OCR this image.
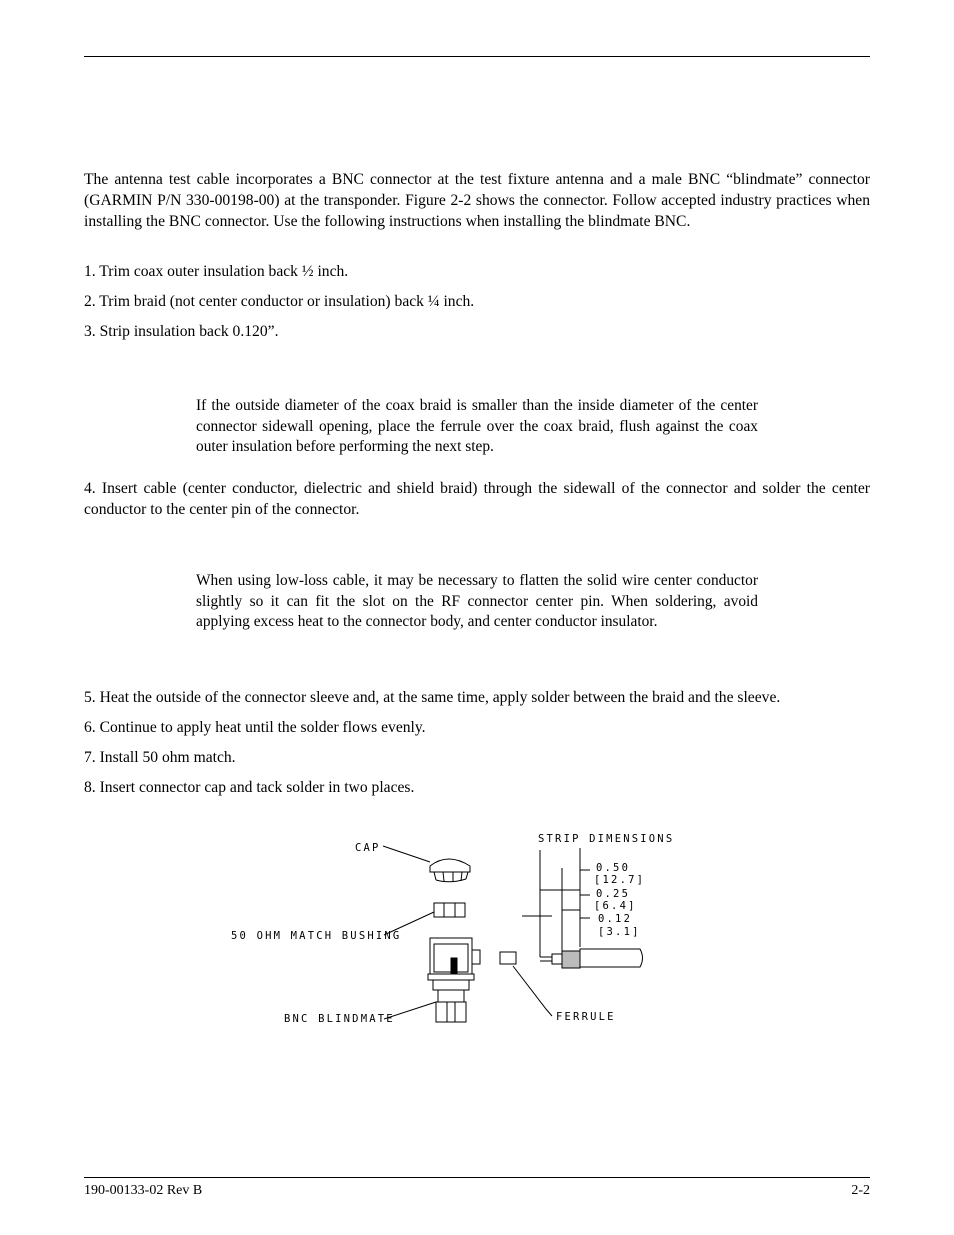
The antenna test cable incorporates a BNC connector at the test fixture antenna and a male BNC “blindmate” connector (GARMIN P/N 330-00198-00) at the transponder. Figure 2-2 shows the connector. Follow accepted industry practices when installing the BNC connector. Use the following instructions when installing the blindmate BNC.
1. Trim coax outer insulation back ½ inch.
2. Trim braid (not center conductor or insulation) back ¼ inch.
3. Strip insulation back 0.120”.
If the outside diameter of the coax braid is smaller than the inside diameter of the center connector sidewall opening, place the ferrule over the coax braid, flush against the coax outer insulation before performing the next step.
4. Insert cable (center conductor, dielectric and shield braid) through the sidewall of the connector and solder the center conductor to the center pin of the connector.
When using low-loss cable, it may be necessary to flatten the solid wire center conductor slightly so it can fit the slot on the RF connector center pin. When soldering, avoid applying excess heat to the connector body, and center conductor insulator.
5. Heat the outside of the connector sleeve and, at the same time, apply solder between the braid and the sleeve.
6. Continue to apply heat until the solder flows evenly.
7. Install 50 ohm match.
8. Insert connector cap and tack solder in two places.
CAP
50 OHM MATCH BUSHING
BNC BLINDMATE	FERRULE
STRIP DIMENSIONS
0.50
[12.7]
0.25
[6.4]
0.12
[3.1]
190-00133-02 Rev B	2-2
